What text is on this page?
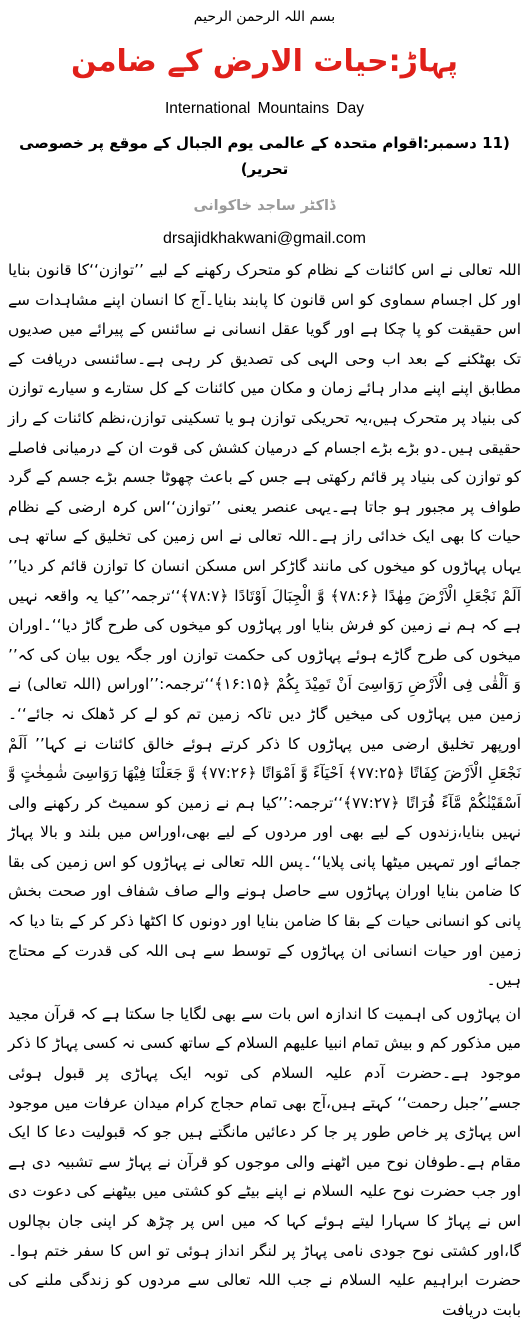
بسم اللہ الرحمن الرحیم
پہاڑ:حیات الارض کے ضامن
International Mountains Day
(11 دسمبر:اقوام متحدہ کے عالمی یوم الجبال کے موقع پر خصوصی تحریر)
ڈاکٹر ساجد خاکوانی
drsajidkhakwani@gmail.com

اللہ تعالی نے اس کائنات کے نظام کو متحرک رکھنے کے لیے ’’توازن‘‘کا قانون بنایا اور کل اجسام سماوی کو اس قانون کا پابند بنایا۔آج کا انسان اپنے مشاہدات سے اس حقیقت کو پا چکا ہے اور گویا عقل انسانی نے سائنس کے پیرائے میں صدیوں تک بھٹکنے کے بعد اب وحی الہی کی تصدیق کر رہی ہے۔سائنسی دریافت کے مطابق اپنے اپنے مدار ہائے زمان و مکان میں کائنات کے کل ستارے و سیارے توازن کی بنیاد پر متحرک ہیں،یہ تحریکی توازن ہو یا تسکینی توازن،نظم کائنات کے راز حقیقی ہیں۔دو بڑے بڑے اجسام کے درمیان کشش کی قوت ان کے درمیانی فاصلے کو توازن کی بنیاد پر قائم رکھتی ہے جس کے باعث چھوٹا جسم بڑے جسم کے گرد طواف پر مجبور ہو جاتا ہے۔یہی عنصر یعنی ’’توازن‘‘اس کرہ ارضی کے نظام حیات کا بھی ایک خدائی راز ہے۔اللہ تعالی نے اس زمین کی تخلیق کے ساتھ ہی یہاں پہاڑوں کو میخوں کی مانند گاڑکر اس مسکن انسان کا توازن قائم کر دیا’’ اَلَمْ نَجْعَلِ الْاَرْضَ مِهٰدًا ﴿۷۸:۶﴾ وَّ الْجِبَالَ اَوْتَادًا ﴿۷۸:۷﴾‘‘ترجمہ’’کیا یہ واقعہ نہیں ہے کہ ہم نے زمین کو فرش بنایا اور پہاڑوں کو میخوں کی طرح گاڑ دیا‘‘۔اوران میخوں کی طرح گاڑے ہوئے پہاڑوں کی حکمت توازن اور جگہ یوں بیان کی کہ’’ وَ اَلْقٰى فِی الْاَرْضِ رَوَاسِیَ اَنْ تَمِیْدَ بِكُمْ ﴿۱۶:۱۵﴾‘‘ترجمہ:’’اوراس (اللہ تعالی) نے زمین میں پہاڑوں کی میخیں گاڑ دیں تاکہ زمین تم کو لے کر ڈھلک نہ جائے‘‘۔اورپھر تخلیق ارضی میں پہاڑوں کا ذکر کرتے ہوئے خالق کائنات نے کہا’’ اَلَمْ نَجْعَلِ الْاَرْضَ كِفَاتًا ﴿۷۷:۲۵﴾ اَحْیَآءً وَّ اَمْوَاتًا ﴿۷۷:۲۶﴾ وَّ جَعَلْنَا فِیْهَا رَوَاسِیَ شٰمِخٰتٍ وَّ اَسْقَیْنٰكُمْ مَّآءً فُرَاتًا ﴿۷۷:۲۷﴾‘‘ترجمہ:’’کیا ہم نے زمین کو سمیٹ کر رکھنے والی نہیں بنایا،زندوں کے لیے بھی اور مردوں کے لیے بھی،اوراس میں بلند و بالا پہاڑ جمائے اور تمہیں میٹھا پانی پلایا‘‘۔پس اللہ تعالی نے پہاڑوں کو اس زمین کی بقا کا ضامن بنایا اوران پہاڑوں سے حاصل ہونے والے صاف شفاف اور صحت بخش پانی کو انسانی حیات کے بقا کا ضامن بنایا اور دونوں کا اکٹھا ذکر کر کے بتا دیا کہ زمین اور حیات انسانی ان پہاڑوں کے توسط سے ہی اللہ کی قدرت کے محتاج ہیں۔

ان پہاڑوں کی اہمیت کا اندازہ اس بات سے بھی لگایا جا سکتا ہے کہ قرآن مجید میں مذکور کم و بیش تمام انبیا علیھم السلام کے ساتھ کسی نہ کسی پہاڑ کا ذکر موجود ہے۔حضرت آدم علیہ السلام کی توبہ ایک پہاڑی پر قبول ہوئی جسے’’جبل رحمت‘‘ کہتے ہیں،آج بھی تمام حجاج کرام میدان عرفات میں موجود اس پہاڑی پر خاص طور پر جا کر دعائیں مانگتے ہیں جو کہ قبولیت دعا کا ایک مقام ہے۔طوفان نوح میں اٹھنے والی موجوں کو قرآن نے پہاڑ سے تشبیہ دی ہے اور جب حضرت نوح علیہ السلام نے اپنے بیٹے کو کشتی میں بیٹھنے کی دعوت دی اس نے پہاڑ کا سہارا لیتے ہوئے کہا کہ میں اس پر چڑھ کر اپنی جان بچالوں گا،اور کشتی نوح جودی نامی پہاڑ پر لنگر انداز ہوئی تو اس کا سفر ختم ہوا۔حضرت ابراہیم علیہ السلام نے جب اللہ تعالی سے مردوں کو زندگی ملنے کی بابت دریافت
